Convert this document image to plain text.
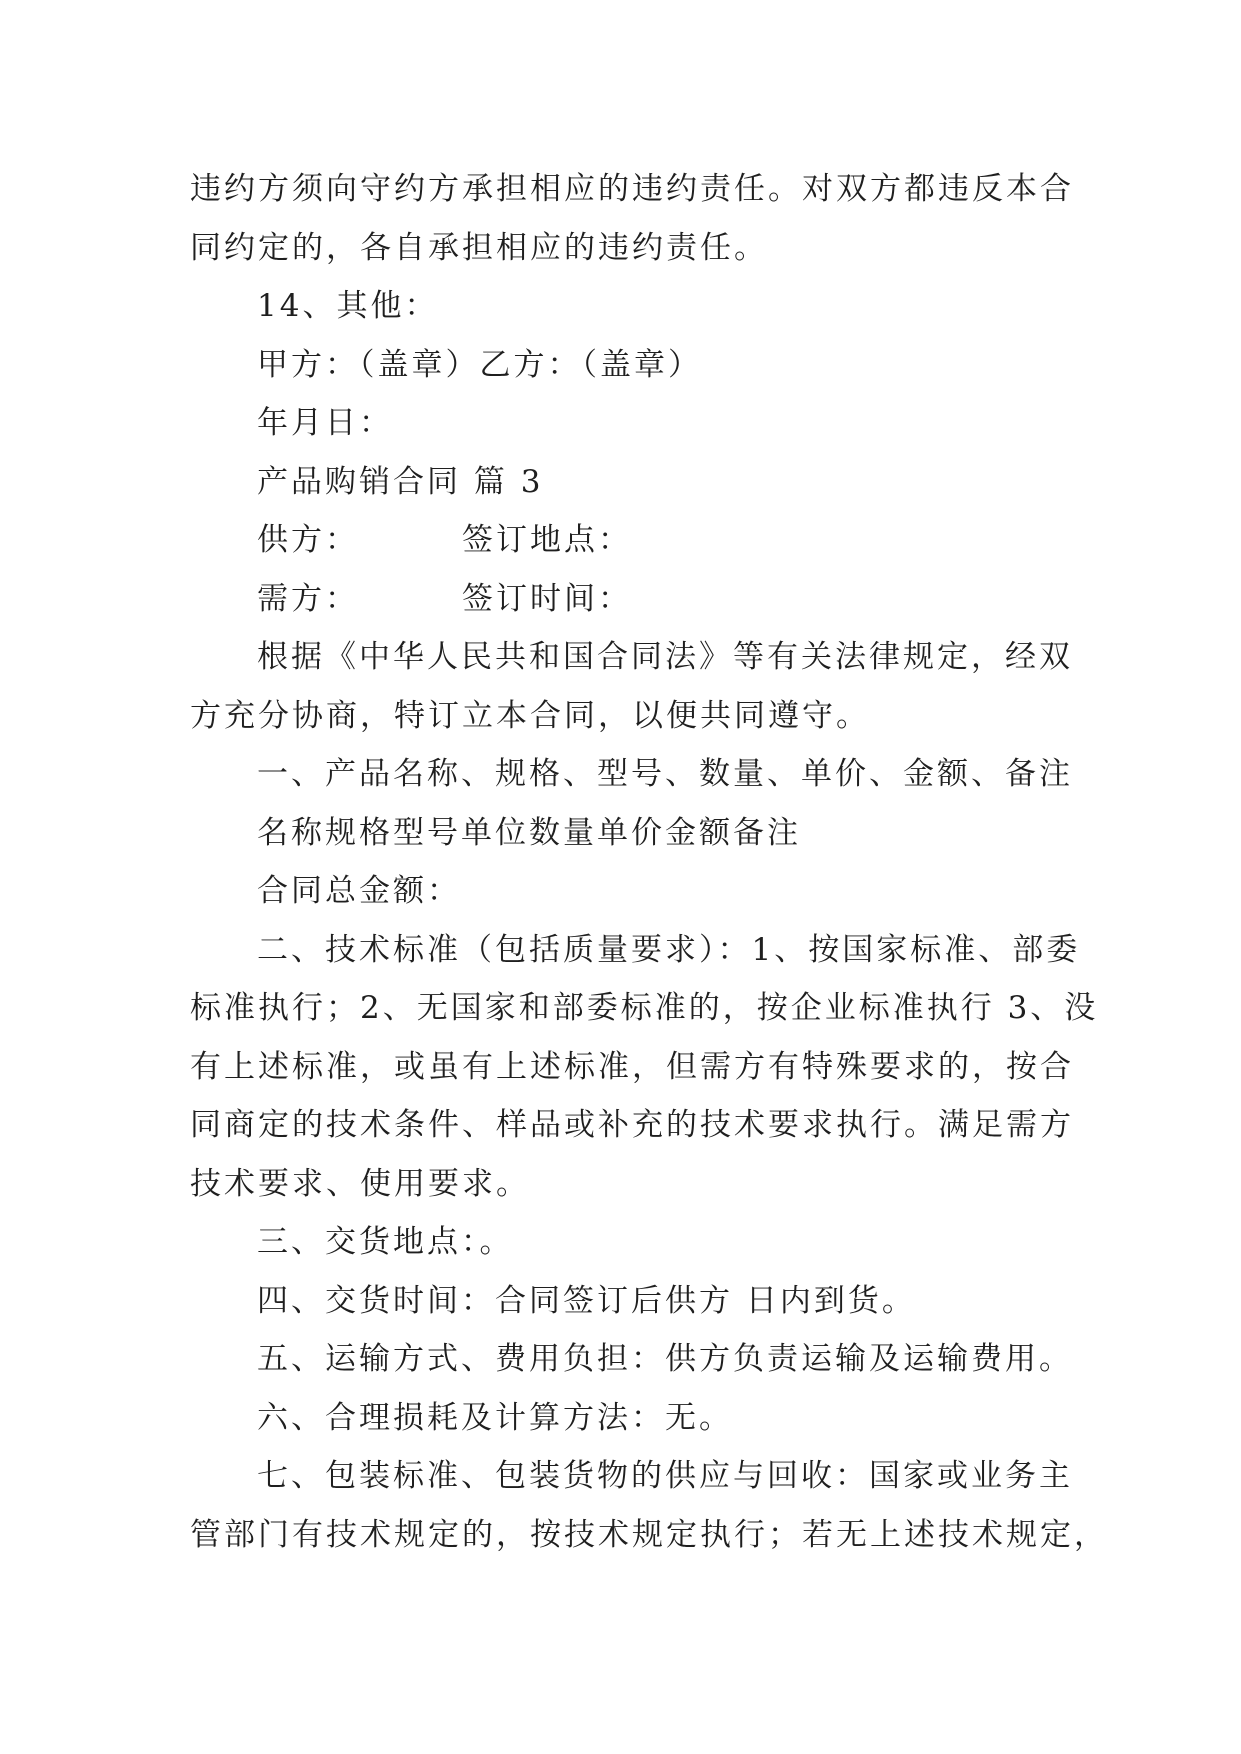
违约方须向守约方承担相应的违约责任。对双方都违反本合
同约定的，各自承担相应的违约责任。
14、其他：
甲方：（盖章）乙方：（盖章）
年月日：
产品购销合同 篇 3
供方：	签订地点：
需方：	签订时间：
根据《中华人民共和国合同法》等有关法律规定，经双
方充分协商，特订立本合同，以便共同遵守。
一、产品名称、规格、型号、数量、单价、金额、备注
名称规格型号单位数量单价金额备注
合同总金额：
二、技术标准（包括质量要求）：1、按国家标准、部委
标准执行；2、无国家和部委标准的，按企业标准执行 3、没
有上述标准，或虽有上述标准，但需方有特殊要求的，按合
同商定的技术条件、样品或补充的技术要求执行。满足需方
技术要求、使用要求。
三、交货地点：。
四、交货时间：合同签订后供方 日内到货。
五、运输方式、费用负担：供方负责运输及运输费用。
六、合理损耗及计算方法：无。
七、包装标准、包装货物的供应与回收：国家或业务主
管部门有技术规定的，按技术规定执行；若无上述技术规定，
